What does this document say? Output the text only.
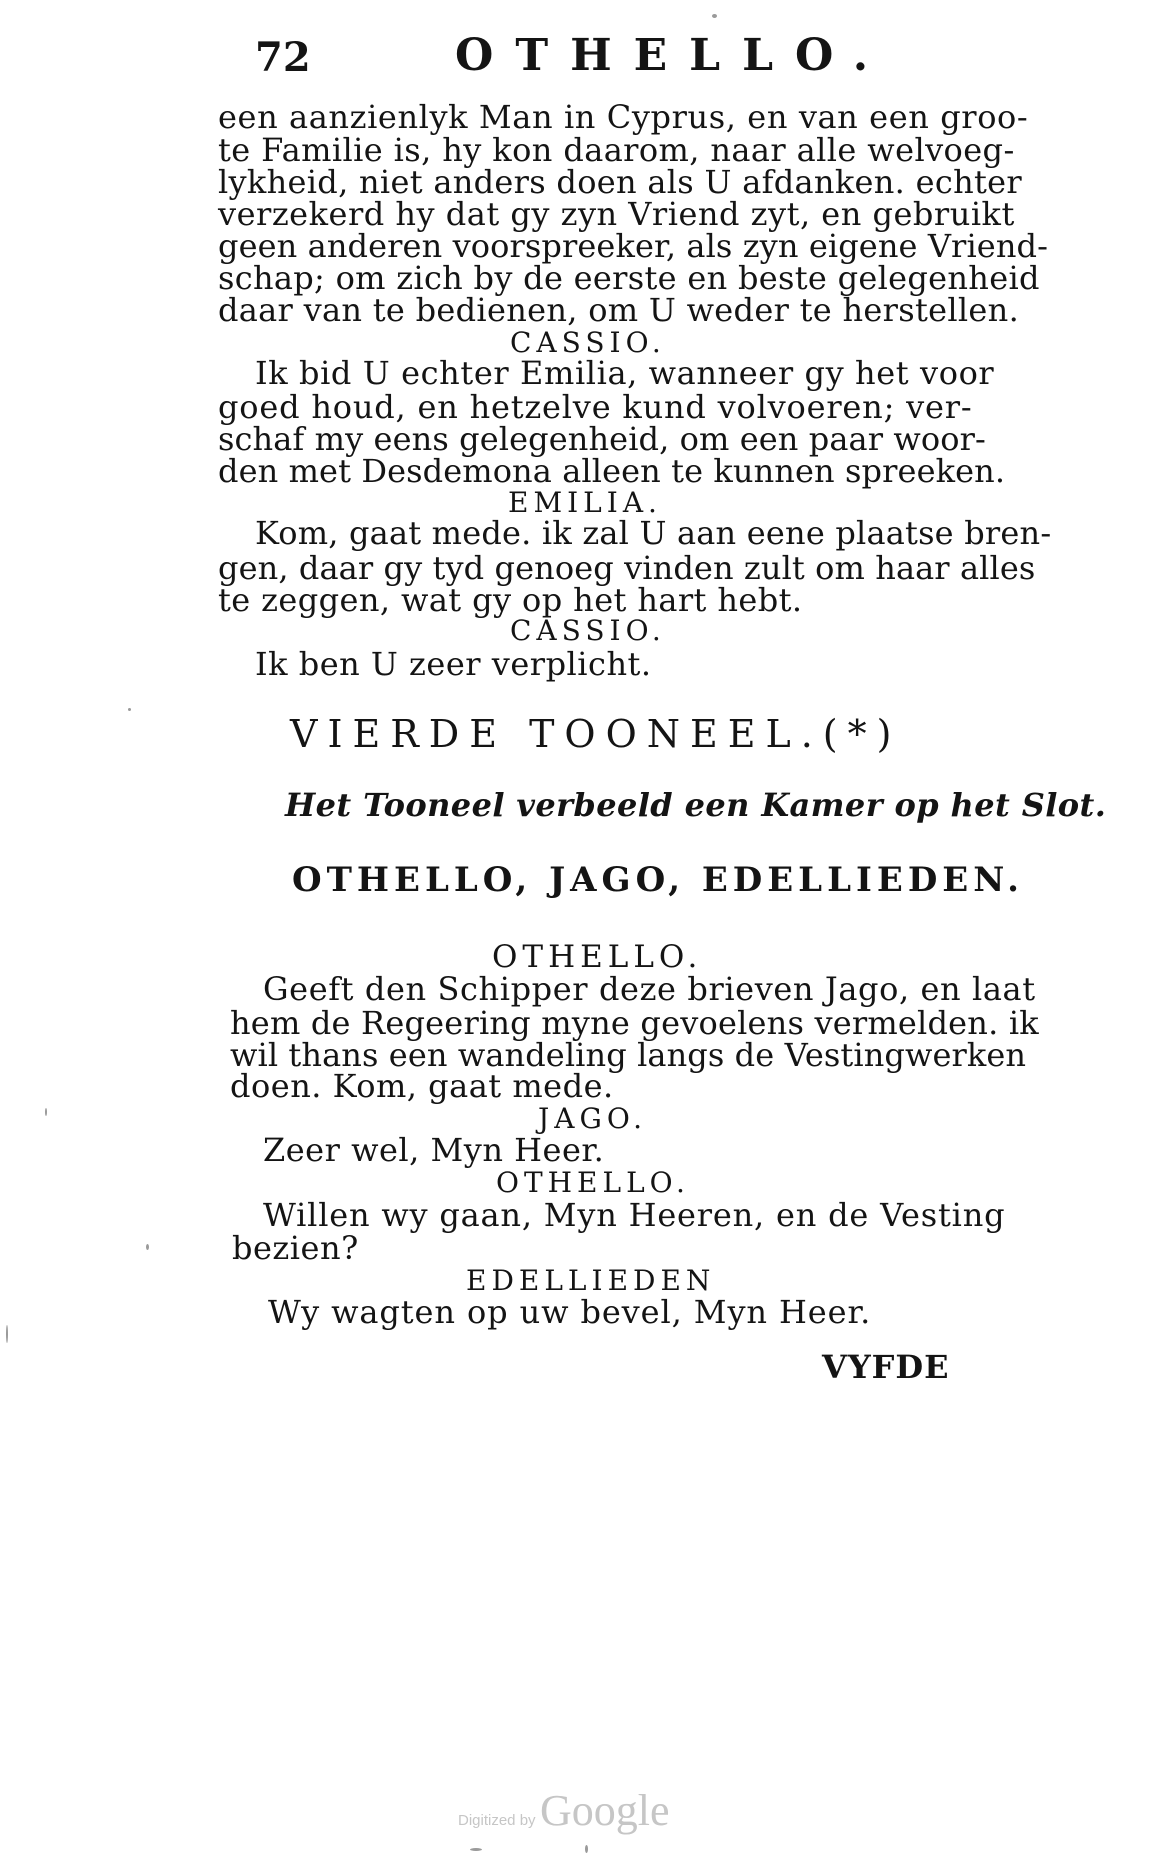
72	OTHELLO.
een aanzienlyk Man in Cyprus, en van een groo-
te Familie is, hy kon daarom, naar alle welvoeg-
lykheid, niet anders doen als U afdanken. echter
verzekerd hy dat gy zyn Vriend zyt, en gebruikt
geen anderen voorspreeker, als zyn eigene Vriend-
schap; om zich by de eerste en beste gelegenheid
daar van te bedienen, om U weder te herstellen.
CASSIO.
Ik bid U echter Emilia, wanneer gy het voor
goed houd, en hetzelve kund volvoeren; ver-
schaf my eens gelegenheid, om een paar woor-
den met Desdemona alleen te kunnen spreeken.
EMILIA.
Kom, gaat mede. ik zal U aan eene plaatse bren-
gen, daar gy tyd genoeg vinden zult om haar alles
te zeggen, wat gy op het hart hebt.
CASSIO.
Ik ben U zeer verplicht.
VIERDE TOONEEL.(*)
Het Tooneel verbeeld een Kamer op het Slot.
OTHELLO, JAGO, EDELLIEDEN.
OTHELLO.
Geeft den Schipper deze brieven Jago, en laat
hem de Regeering myne gevoelens vermelden. ik
wil thans een wandeling langs de Vestingwerken
doen. Kom, gaat mede.
JAGO.
Zeer wel, Myn Heer.
OTHELLO.
Willen wy gaan, Myn Heeren, en de Vesting
bezien?
EDELLIEDEN
Wy wagten op uw bevel, Myn Heer.
VYFDE
Digitized by Google
